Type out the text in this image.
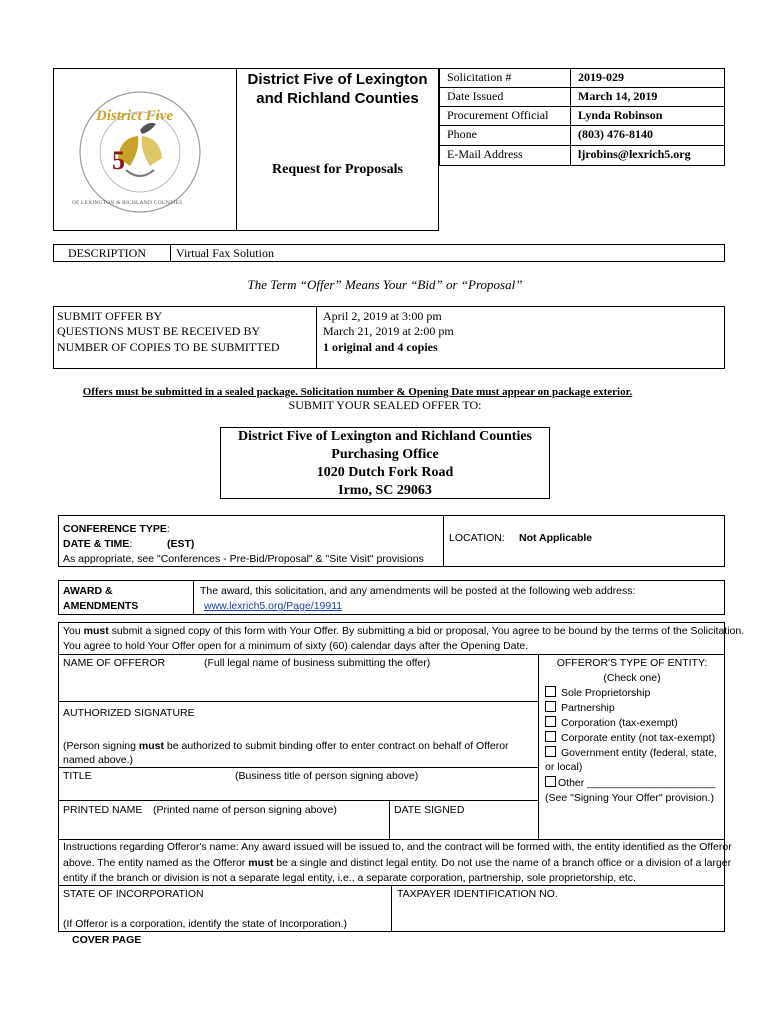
District Five
OF LEXINGTON & RICHLAND COUNTIES
5
District Five of Lexington and Richland Counties
Request for Proposals
Solicitation #	2019-029
Date Issued	March 14, 2019
Procurement Official Lynda Robinson
Phone	(803) 476-8140
E-Mail Address	ljrobins@lexrich5.org
DESCRIPTION Virtual Fax Solution
The Term “Offer” Means Your “Bid” or “Proposal”
SUBMIT OFFER BY	April 2, 2019 at 3:00 pm
QUESTIONS MUST BE RECEIVED BY	March 21, 2019 at 2:00 pm
NUMBER OF COPIES TO BE SUBMITTED	1 original and 4 copies
Offers must be submitted in a sealed package. Solicitation number & Opening Date must appear on package exterior.
SUBMIT YOUR SEALED OFFER TO:
District Five of Lexington and Richland Counties
Purchasing Office
1020 Dutch Fork Road
Irmo, SC 29063
CONFERENCE TYPE:
DATE & TIME:	(EST)
As appropriate, see "Conferences - Pre-Bid/Proposal" & "Site Visit" provisions
LOCATION: Not Applicable
AWARD &
AMENDMENTS
The award, this solicitation, and any amendments will be posted at the following web address:
www.lexrich5.org/Page/19911
You must submit a signed copy of this form with Your Offer. By submitting a bid or proposal, You agree to be bound by the terms of the Solicitation.
You agree to hold Your Offer open for a minimum of sixty (60) calendar days after the Opening Date.
NAME OF OFFEROR	(Full legal name of business submitting the offer)
AUTHORIZED SIGNATURE
(Person signing must be authorized to submit binding offer to enter contract on behalf of Offeror
named above.)
TITLE	(Business title of person signing above)
PRINTED NAME (Printed name of person signing above)	DATE SIGNED
OFFEROR'S TYPE OF ENTITY:
(Check one)
Sole Proprietorship
Partnership
Corporation (tax-exempt)
Corporate entity (not tax-exempt)
Government entity (federal, state,
or local)
Other ______________________
(See "Signing Your Offer" provision.)
Instructions regarding Offeror's name: Any award issued will be issued to, and the contract will be formed with, the entity identified as the Offeror
above. The entity named as the Offeror must be a single and distinct legal entity. Do not use the name of a branch office or a division of a larger
entity if the branch or division is not a separate legal entity, i.e., a separate corporation, partnership, sole proprietorship, etc.
STATE OF INCORPORATION
(If Offeror is a corporation, identify the state of Incorporation.)
TAXPAYER IDENTIFICATION NO.
COVER PAGE
